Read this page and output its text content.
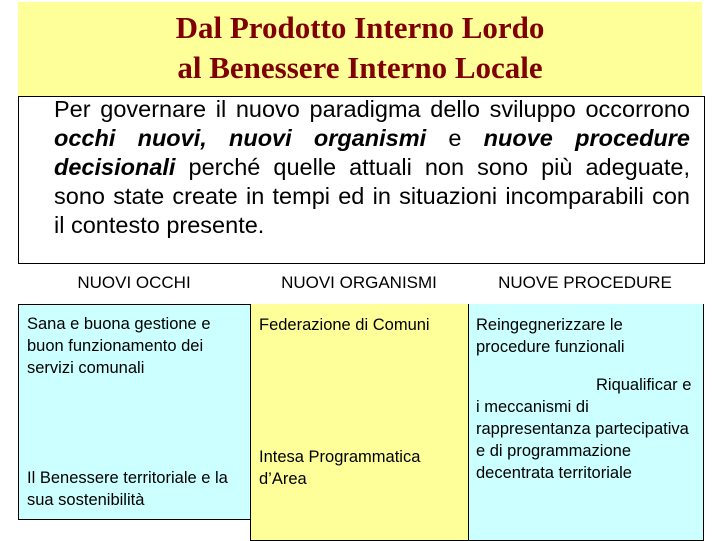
Dal Prodotto Interno Lordo
al Benessere Interno Locale
Per governare il nuovo paradigma dello sviluppo occorrono occhi nuovi, nuovi organismi e nuove procedure decisionali perché quelle attuali non sono più adeguate, sono state create in tempi ed in situazioni incomparabili con il contesto presente.
NUOVI OCCHI	NUOVI ORGANISMI	NUOVE PROCEDURE
Sana e buona gestione e buon funzionamento dei servizi comunali
Il Benessere territoriale e la sua sostenibilità
Federazione di Comuni
Intesa Programmatica d’Area
Reingegnerizzare le procedure funzionali
Riqualificar e i meccanismi di rappresentanza partecipativa e di programmazione decentrata territoriale
